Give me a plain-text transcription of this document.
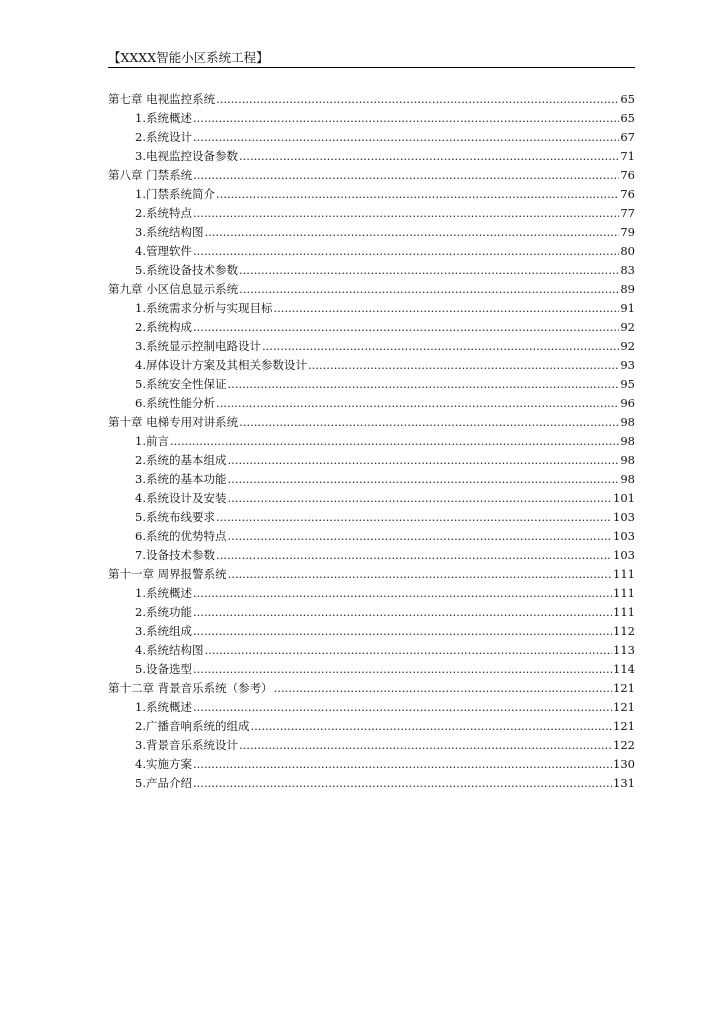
【XXXX智能小区系统工程】
第七章 电视监控系统 .....	65
1.系统概述 .....	65
2.系统设计 .....	67
3.电视监控设备参数 .....	71
第八章 门禁系统 .....	76
1.门禁系统简介 .....	76
2.系统特点 .....	77
3.系统结构图 .....	79
4.管理软件 .....	80
5.系统设备技术参数 .....	83
第九章 小区信息显示系统 .....	89
1.系统需求分析与实现目标 .....	91
2.系统构成 .....	92
3.系统显示控制电路设计 .....	92
4.屏体设计方案及其相关参数设计 .....	93
5.系统安全性保证 .....	95
6.系统性能分析 .....	96
第十章 电梯专用对讲系统 .....	98
1.前言 .....	98
2.系统的基本组成 .....	98
3.系统的基本功能 .....	98
4.系统设计及安装 .....	101
5.系统布线要求 .....	103
6.系统的优势特点 .....	103
7.设备技术参数 .....	103
第十一章 周界报警系统 .....	111
1.系统概述 .....	111
2.系统功能 .....	111
3.系统组成 .....	112
4.系统结构图 .....	113
5.设备选型 .....	114
第十二章 背景音乐系统（参考） .....	121
1.系统概述 .....	121
2.广播音响系统的组成 .....	121
3.背景音乐系统设计 .....	122
4.实施方案 .....	130
5.产品介绍 .....	131
